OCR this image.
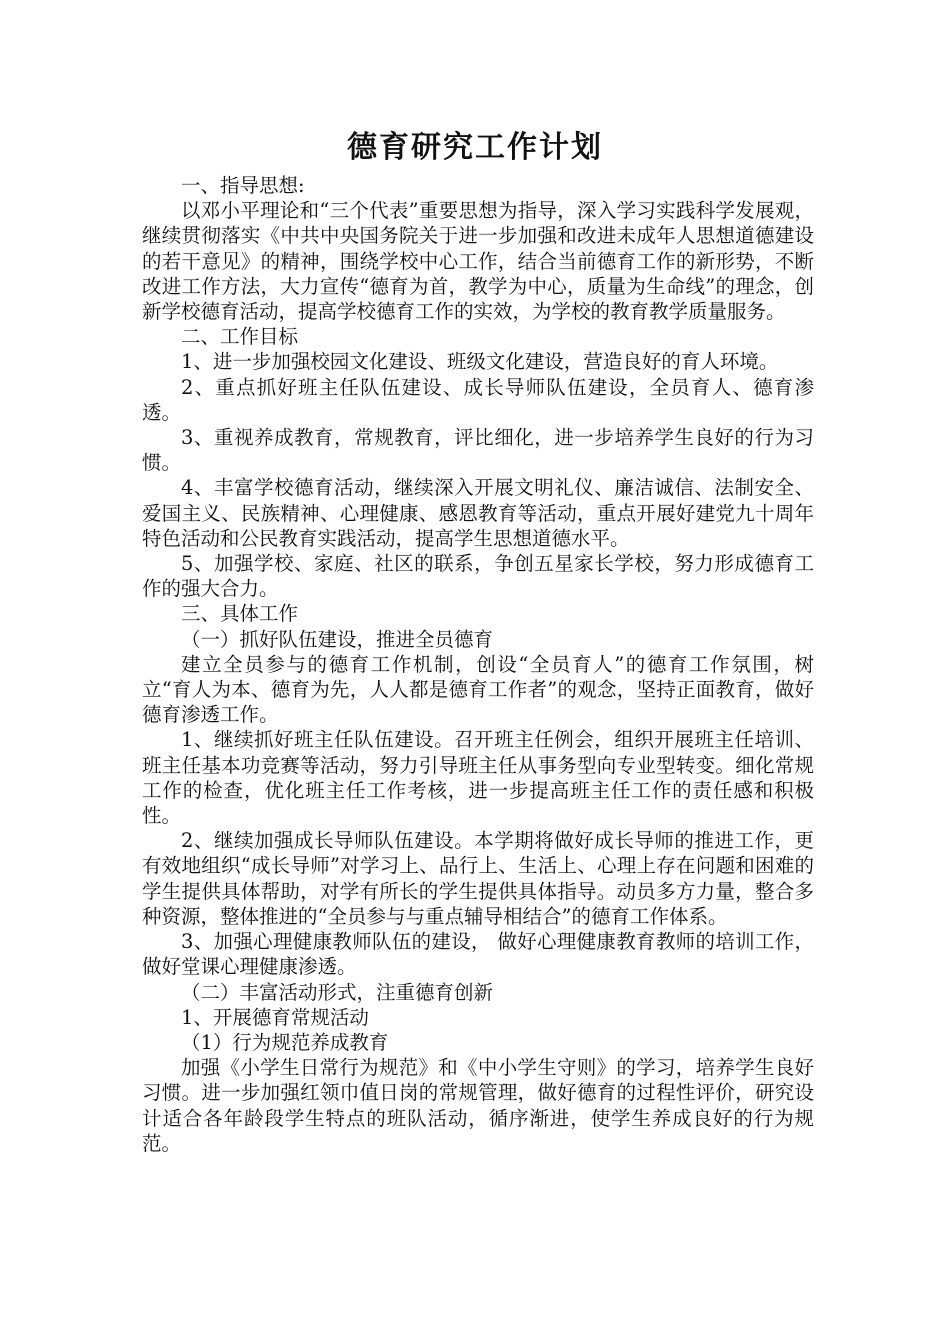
德育研究工作计划

一、指导思想:

以邓小平理论和“三个代表”重要思想为指导，深入学习实践科学发展观，继续贯彻落实《中共中央国务院关于进一步加强和改进未成年人思想道德建设的若干意见》的精神，围绕学校中心工作，结合当前德育工作的新形势，不断改进工作方法，大力宣传“德育为首，教学为中心，质量为生命线”的理念，创新学校德育活动，提高学校德育工作的实效，为学校的教育教学质量服务。

二、工作目标

1、进一步加强校园文化建设、班级文化建设，营造良好的育人环境。

2、重点抓好班主任队伍建设、成长导师队伍建设，全员育人、德育渗透。

3、重视养成教育，常规教育，评比细化，进一步培养学生良好的行为习惯。

4、丰富学校德育活动，继续深入开展文明礼仪、廉洁诚信、法制安全、爱国主义、民族精神、心理健康、感恩教育等活动，重点开展好建党九十周年特色活动和公民教育实践活动，提高学生思想道德水平。

5、加强学校、家庭、社区的联系，争创五星家长学校，努力形成德育工作的强大合力。

三、具体工作

（一）抓好队伍建设，推进全员德育

建立全员参与的德育工作机制，创设“全员育人”的德育工作氛围，树立“育人为本、德育为先，人人都是德育工作者”的观念，坚持正面教育，做好德育渗透工作。

1、继续抓好班主任队伍建设。召开班主任例会，组织开展班主任培训、班主任基本功竞赛等活动，努力引导班主任从事务型向专业型转变。细化常规工作的检查，优化班主任工作考核，进一步提高班主任工作的责任感和积极性。

2、继续加强成长导师队伍建设。本学期将做好成长导师的推进工作，更有效地组织“成长导师”对学习上、品行上、生活上、心理上存在问题和困难的学生提供具体帮助，对学有所长的学生提供具体指导。动员多方力量，整合多种资源，整体推进的“全员参与与重点辅导相结合”的德育工作体系。

3、加强心理健康教师队伍的建设， 做好心理健康教育教师的培训工作，做好堂课心理健康渗透。

（二）丰富活动形式，注重德育创新

1、开展德育常规活动

（1）行为规范养成教育

加强《小学生日常行为规范》和《中小学生守则》的学习，培养学生良好习惯。进一步加强红领巾值日岗的常规管理，做好德育的过程性评价，研究设计适合各年龄段学生特点的班队活动，循序渐进，使学生养成良好的行为规范。
